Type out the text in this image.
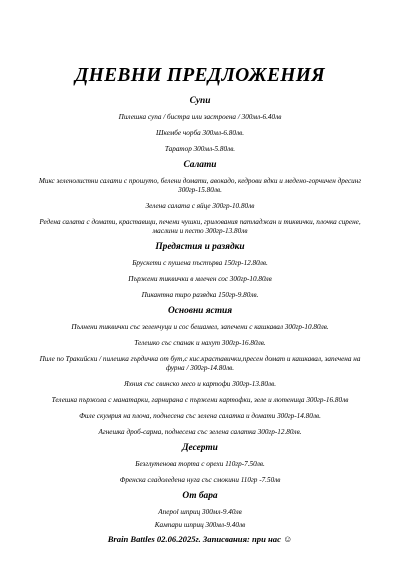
ДНЕВНИ ПРЕДЛОЖЕНИЯ
Супи
Пилешка супа / бистра или застроена / 300мл-6.40лв
Шкембе чорба 300мл-6.80лв.
Таратор 300мл-5.80лв.
Салати
Микс зеленолистни салати с прошуто, белени домати, авокадо, кедрови ядки и медено-горчичен дресинг 300гр-15.80лв.
Зелена салата с яйце 300гр-10.80лв
Редена салата с домати, краставици, печени чушки, грилования патладжан и тиквички, плочка сирене, маслини и песто 300гр-13.80лв
Предястия и разядки
Брускети с пушена пъстърва 150гр-12.80лв.
Пържени тиквички в млечен сос 300гр-10.80лв
Пикантна тиро разядка 150гр-9.80лв.
Основни ястия
Пълнени тиквички със зеленчуци и сос бешамел, запечени с кашкавал 300гр-10.80лв.
Телешко със спанак и нахут 300гр-16.80лв.
Пиле по Тракийски / пилешка гърдичка от бут,с кис.краставички,пресен домат и кашкавал, запечена на фурна / 300гр-14.80лв.
Яхния със свинско месо и картофи 300гр-13.80лв.
Телешка пържола с манатарки, гарнирана с пържени картофки, зеле и лютеница 300гр-16.80лв
Филе скумрия на плоча, поднесена със зелена салатка и домати 300гр-14.80лв.
Агнешка дроб-сарма, поднесена със зелена салатка 300гр-12.80лв.
Десерти
Безглутенова торта с орехи 110гр-7.50лв.
Френска сладоледена нуга със смокини 110гр -7.50лв
От бара
Апероl шприц 300мл-9.40лв
Кампари шприц 300мл-9.40лв
Brain Battles 02.06.2025г. Записвания: при нас ☺
